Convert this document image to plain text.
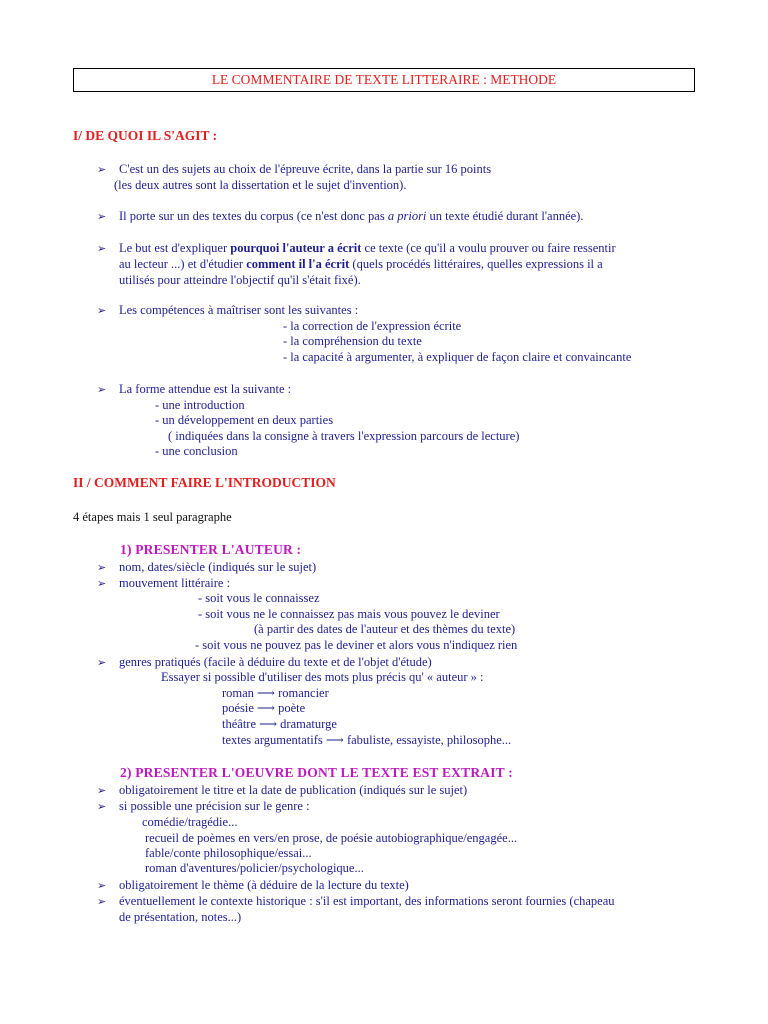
LE COMMENTAIRE DE TEXTE LITTERAIRE : METHODE
I/ DE QUOI IL S'AGIT :
➢ C'est un des sujets au choix de l'épreuve écrite, dans la partie sur 16 points
(les deux autres sont la dissertation et le sujet d'invention).
➢ Il porte sur un des textes du corpus (ce n'est donc pas a priori un texte étudié durant l'année).
➢ Le but est d'expliquer pourquoi l'auteur a écrit ce texte (ce qu'il a voulu prouver ou faire ressentir
au lecteur ...) et d'étudier comment il l'a écrit (quels procédés littéraires, quelles expressions il a
utilisés pour atteindre l'objectif qu'il s'était fixé).
➢ Les compétences à maîtriser sont les suivantes :
- la correction de l'expression écrite
- la compréhension du texte
- la capacité à argumenter, à expliquer de façon claire et convaincante
➢ La forme attendue est la suivante :
- une introduction
- un développement en deux parties
( indiquées dans la consigne à travers l'expression parcours de lecture)
- une conclusion
II / COMMENT FAIRE L'INTRODUCTION
4 étapes mais 1 seul paragraphe
1) PRESENTER L'AUTEUR :
➢ nom, dates/siècle (indiqués sur le sujet)
➢ mouvement littéraire :
- soit vous le connaissez
- soit vous ne le connaissez pas mais vous pouvez le deviner
(à partir des dates de l'auteur et des thèmes du texte)
- soit vous ne pouvez pas le deviner et alors vous n'indiquez rien
➢ genres pratiqués (facile à déduire du texte et de l'objet d'étude)
Essayer si possible d'utiliser des mots plus précis qu' « auteur » :
roman ⟶ romancier
poésie ⟶ poète
théâtre ⟶ dramaturge
textes argumentatifs ⟶ fabuliste, essayiste, philosophe...
2) PRESENTER L'OEUVRE DONT LE TEXTE EST EXTRAIT :
➢ obligatoirement le titre et la date de publication (indiqués sur le sujet)
➢ si possible une précision sur le genre :
comédie/tragédie...
recueil de poèmes en vers/en prose, de poésie autobiographique/engagée...
fable/conte philosophique/essai...
roman d'aventures/policier/psychologique...
➢ obligatoirement le thème (à déduire de la lecture du texte)
➢ éventuellement le contexte historique : s'il est important, des informations seront fournies (chapeau
de présentation, notes...)
